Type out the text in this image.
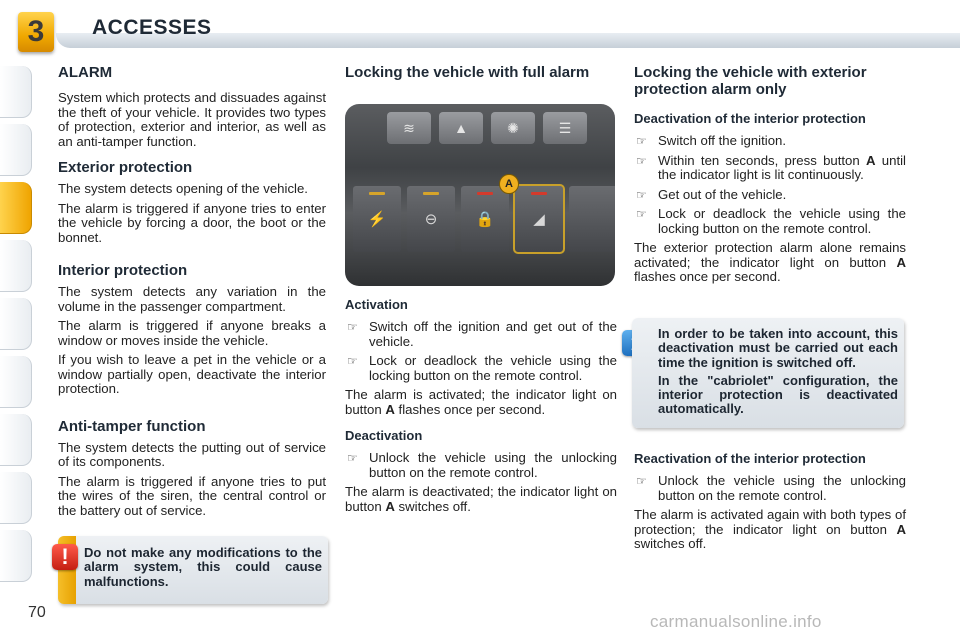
3	ACCESSES
ALARM

System which protects and dissuades against the theft of your vehicle. It provides two types of protection, exterior and interior, as well as an anti-tamper function.

Exterior protection

The system detects opening of the vehicle.

The alarm is triggered if anyone tries to enter the vehicle by forcing a door, the boot or the bonnet.

Interior protection

The system detects any variation in the volume in the passenger compartment.

The alarm is triggered if anyone breaks a window or moves inside the vehicle.

If you wish to leave a pet in the vehicle or a window partially open, deactivate the interior protection.

Anti-tamper function

The system detects the putting out of service of its components.

The alarm is triggered if anyone tries to put the wires of the siren, the central control or the battery out of service.

Locking the vehicle with full alarm
≋	▲	✺	☰
⚡	⊖	🔒	◢
A
Activation
☞ Switch off the ignition and get out of the vehicle.
☞ Lock or deadlock the vehicle using the locking button on the remote control.

The alarm is activated; the indicator light on button A flashes once per second.

Deactivation
☞ Unlock the vehicle using the unlocking button on the remote control.

The alarm is deactivated; the indicator light on button A switches off.

Locking the vehicle with exterior protection alarm only
Deactivation of the interior protection
☞ Switch off the ignition.
☞ Within ten seconds, press button A until the indicator light is lit continuously.
☞ Get out of the vehicle.
☞ Lock or deadlock the vehicle using the locking button on the remote control.

The exterior protection alarm alone remains activated; the indicator light on button A flashes once per second.

In order to be taken into account, this deactivation must be carried out each time the ignition is switched off.

In the "cabriolet" configuration, the interior protection is deactivated automatically.

Reactivation of the interior protection
☞ Unlock the vehicle using the unlocking button on the remote control.

The alarm is activated again with both types of protection; the indicator light on button A switches off.

Do not make any modifications to the alarm system, this could cause malfunctions.

!
70	carmanualsonline.info
